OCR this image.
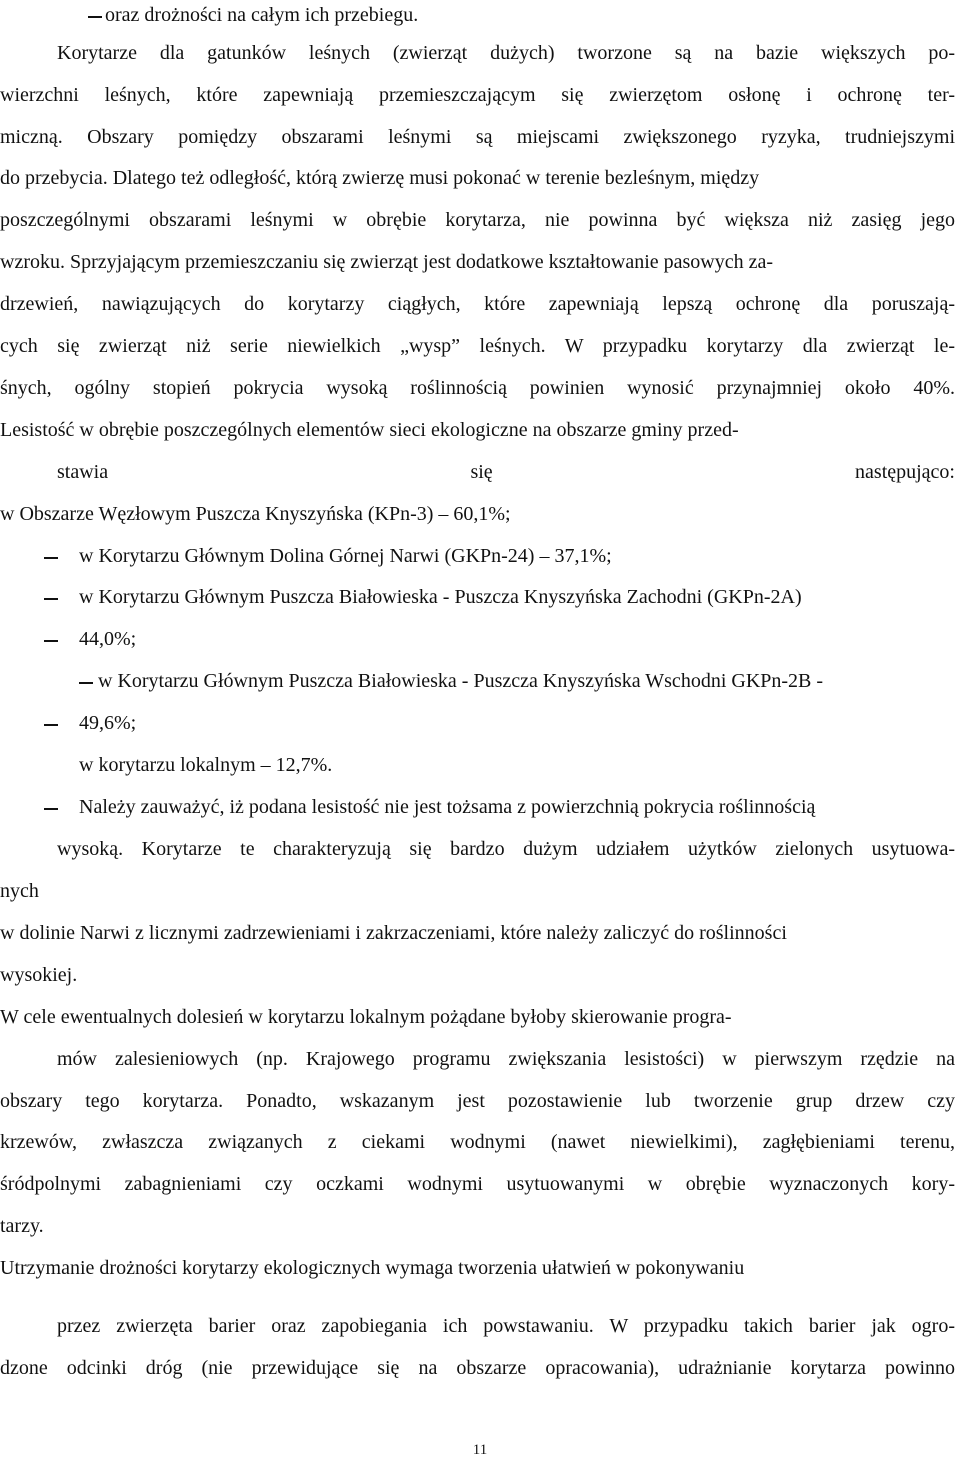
oraz drożności na całym ich przebiegu.
Korytarze dla gatunków leśnych (zwierząt dużych) tworzone są na bazie większych po-
wierzchni leśnych, które zapewniają przemieszczającym się zwierzętom osłonę i ochronę ter-
miczną. Obszary pomiędzy obszarami leśnymi są miejscami zwiększonego ryzyka, trudniejszymi
do przebycia. Dlatego też odległość, którą zwierzę musi pokonać w terenie bezleśnym, między
poszczególnymi obszarami leśnymi w obrębie korytarza, nie powinna być większa niż zasięg jego
wzroku. Sprzyjającym przemieszczaniu się zwierząt jest dodatkowe kształtowanie pasowych za-
drzewień, nawiązujących do korytarzy ciągłych, które zapewniają lepszą ochronę dla poruszają-
cych się zwierząt niż serie niewielkich „wysp” leśnych. W przypadku korytarzy dla zwierząt le-
śnych, ogólny stopień pokrycia wysoką roślinnością powinien wynosić przynajmniej około 40%.
Lesistość w obrębie poszczególnych elementów sieci ekologiczne na obszarze gminy przed-
stawia się następująco:
w Obszarze Węzłowym Puszcza Knyszyńska (KPn-3) – 60,1%;
w Korytarzu Głównym Dolina Górnej Narwi (GKPn-24) – 37,1%;
w Korytarzu Głównym Puszcza Białowieska - Puszcza Knyszyńska Zachodni (GKPn-2A)
44,0%;
w Korytarzu Głównym Puszcza Białowieska - Puszcza Knyszyńska Wschodni GKPn-2B -
49,6%;
w korytarzu lokalnym – 12,7%.
Należy zauważyć, iż podana lesistość nie jest tożsama z powierzchnią pokrycia roślinnością
wysoką. Korytarze te charakteryzują się bardzo dużym udziałem użytków zielonych usytuowa-
nych
w dolinie Narwi z licznymi zadrzewieniami i zakrzaczeniami, które należy zaliczyć do roślinności
wysokiej.
W cele ewentualnych dolesień w korytarzu lokalnym pożądane byłoby skierowanie progra-
mów zalesieniowych (np. Krajowego programu zwiększania lesistości) w pierwszym rzędzie na
obszary tego korytarza. Ponadto, wskazanym jest pozostawienie lub tworzenie grup drzew czy
krzewów, zwłaszcza związanych z ciekami wodnymi (nawet niewielkimi), zagłębieniami terenu,
śródpolnymi zabagnieniami czy oczkami wodnymi usytuowanymi w obrębie wyznaczonych kory-
tarzy.
Utrzymanie drożności korytarzy ekologicznych wymaga tworzenia ułatwień w pokonywaniu
przez zwierzęta barier oraz zapobiegania ich powstawaniu. W przypadku takich barier jak ogro-
dzone odcinki dróg (nie przewidujące się na obszarze opracowania), udrażnianie korytarza powinno
11
